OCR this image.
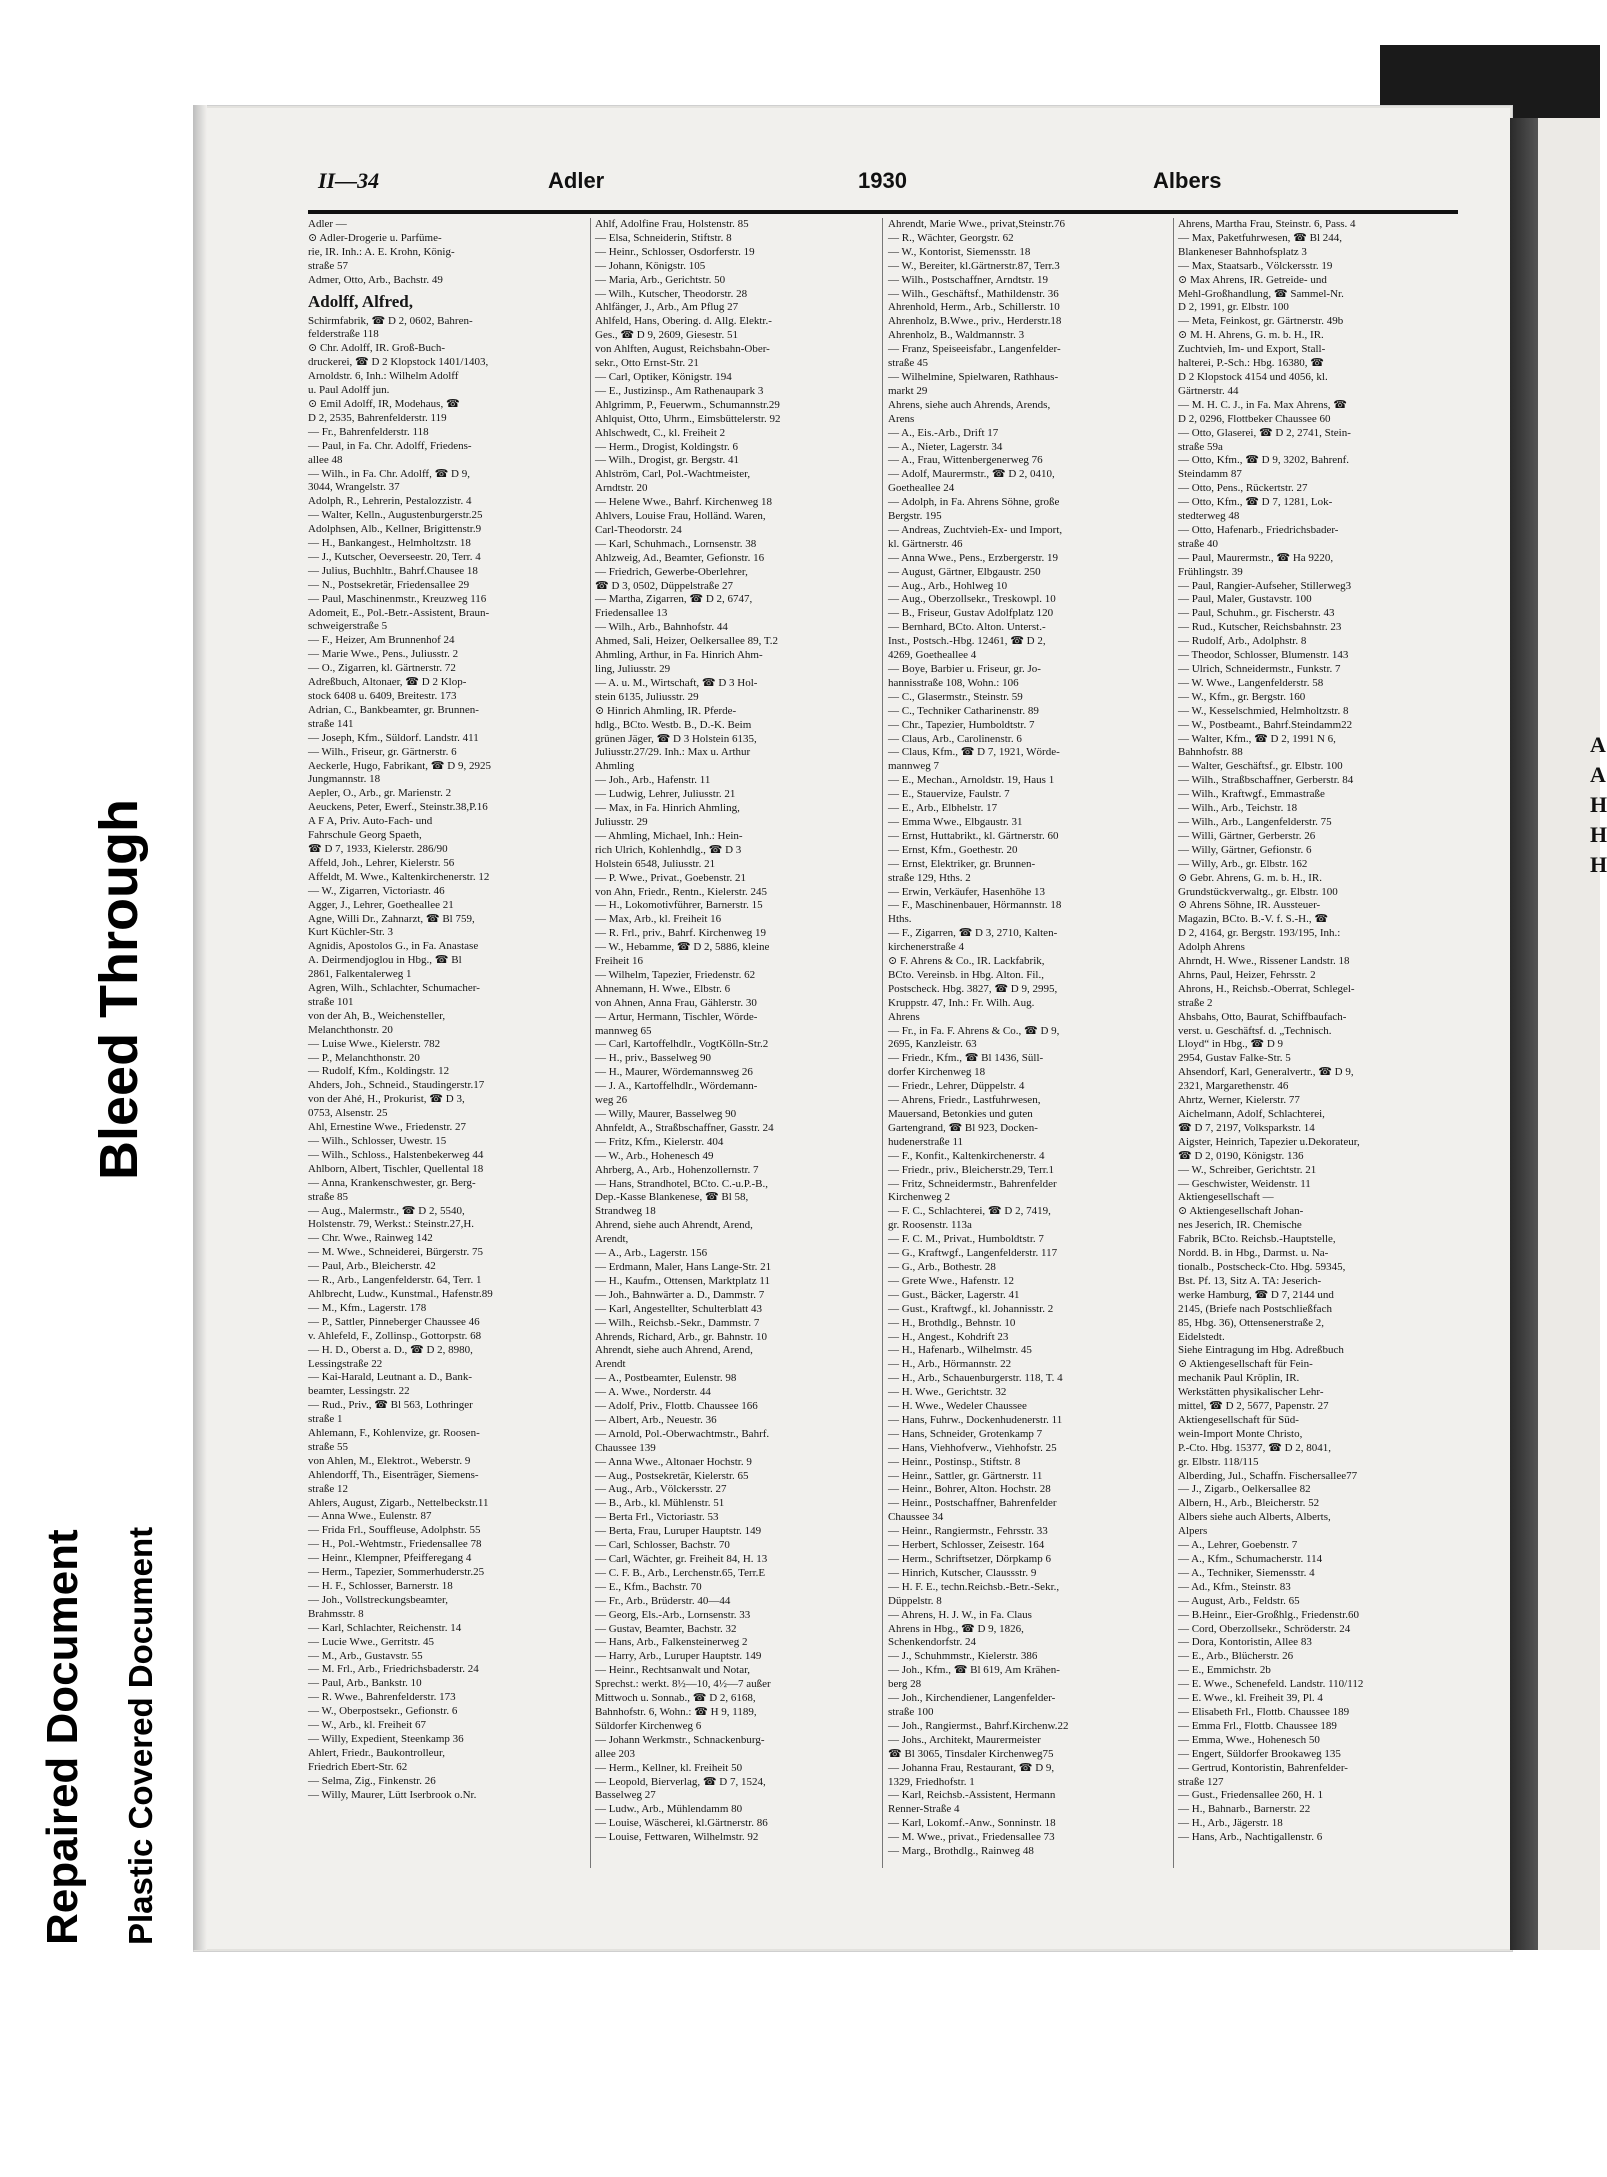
Repaired Document Plastic Covered Document
Bleed Through
A
A
H
H
H
II—34	Adler	1930	Albers

Adler —

⊙ Adler-Drogerie u. Parfüme-

rie, IR. Inh.: A. E. Krohn, König-

straße 57

Admer, Otto, Arb., Bachstr. 49

Adolff, Alfred,

Schirmfabrik, ☎ D 2, 0602, Bahren-

felderstraße 118

⊙ Chr. Adolff, IR. Groß-Buch-

druckerei, ☎ D 2 Klopstock 1401/1403,

Arnoldstr. 6, Inh.: Wilhelm Adolff

u. Paul Adolff jun.

⊙ Emil Adolff, IR, Modehaus, ☎

D 2, 2535, Bahrenfelderstr. 119

— Fr., Bahrenfelderstr. 118

— Paul, in Fa. Chr. Adolff, Friedens-

allee 48

— Wilh., in Fa. Chr. Adolff, ☎ D 9,

3044, Wrangelstr. 37

Adolph, R., Lehrerin, Pestalozzistr. 4

— Walter, Kelln., Augustenburgerstr.25

Adolphsen, Alb., Kellner, Brigittenstr.9

— H., Bankangest., Helmholtzstr. 18

— J., Kutscher, Oeverseestr. 20, Terr. 4

— Julius, Buchhltr., Bahrf.Chausee 18

— N., Postsekretär, Friedensallee 29

— Paul, Maschinenmstr., Kreuzweg 116

Adomeit, E., Pol.-Betr.-Assistent, Braun-

schweigerstraße 5

— F., Heizer, Am Brunnenhof 24

— Marie Wwe., Pens., Juliusstr. 2

— O., Zigarren, kl. Gärtnerstr. 72

Adreßbuch, Altonaer, ☎ D 2 Klop-

stock 6408 u. 6409, Breitestr. 173

Adrian, C., Bankbeamter, gr. Brunnen-

straße 141

— Joseph, Kfm., Süldorf. Landstr. 411

— Wilh., Friseur, gr. Gärtnerstr. 6

Aeckerle, Hugo, Fabrikant, ☎ D 9, 2925

Jungmannstr. 18

Aepler, O., Arb., gr. Marienstr. 2

Aeuckens, Peter, Ewerf., Steinstr.38,P.16

A F A, Priv. Auto-Fach- und

Fahrschule Georg Spaeth,

☎ D 7, 1933, Kielerstr. 286/90

Affeld, Joh., Lehrer, Kielerstr. 56

Affeldt, M. Wwe., Kaltenkirchenerstr. 12

— W., Zigarren, Victoriastr. 46

Agger, J., Lehrer, Goetheallee 21

Agne, Willi Dr., Zahnarzt, ☎ Bl 759,

Kurt Küchler-Str. 3

Agnidis, Apostolos G., in Fa. Anastase

A. Deirmendjoglou in Hbg., ☎ Bl

2861, Falkentalerweg 1

Agren, Wilh., Schlachter, Schumacher-

straße 101

von der Ah, B., Weichensteller,

Melanchthonstr. 20

— Luise Wwe., Kielerstr. 782

— P., Melanchthonstr. 20

— Rudolf, Kfm., Koldingstr. 12

Ahders, Joh., Schneid., Staudingerstr.17

von der Ahé, H., Prokurist, ☎ D 3,

0753, Alsenstr. 25

Ahl, Ernestine Wwe., Friedenstr. 27

— Wilh., Schlosser, Uwestr. 15

— Wilh., Schloss., Halstenbekerweg 44

Ahlborn, Albert, Tischler, Quellental 18

— Anna, Krankenschwester, gr. Berg-

straße 85

— Aug., Malermstr., ☎ D 2, 5540,

Holstenstr. 79, Werkst.: Steinstr.27,H.

— Chr. Wwe., Rainweg 142

— M. Wwe., Schneiderei, Bürgerstr. 75

— Paul, Arb., Bleicherstr. 42

— R., Arb., Langenfelderstr. 64, Terr. 1

Ahlbrecht, Ludw., Kunstmal., Hafenstr.89

— M., Kfm., Lagerstr. 178

— P., Sattler, Pinneberger Chaussee 46

v. Ahlefeld, F., Zollinsp., Gottorpstr. 68

— H. D., Oberst a. D., ☎ D 2, 8980,

Lessingstraße 22

— Kai-Harald, Leutnant a. D., Bank-

beamter, Lessingstr. 22

— Rud., Priv., ☎ Bl 563, Lothringer

straße 1

Ahlemann, F., Kohlenvize, gr. Roosen-

straße 55

von Ahlen, M., Elektrot., Weberstr. 9

Ahlendorff, Th., Eisenträger, Siemens-

straße 12

Ahlers, August, Zigarb., Nettelbeckstr.11

— Anna Wwe., Eulenstr. 87

— Frida Frl., Souffleuse, Adolphstr. 55

— H., Pol.-Wehtmstr., Friedensallee 78

— Heinr., Klempner, Pfeifferegang 4

— Herm., Tapezier, Sommerhuderstr.25

— H. F., Schlosser, Barnerstr. 18

— Joh., Vollstreckungsbeamter,

Brahmsstr. 8

— Karl, Schlachter, Reichenstr. 14

— Lucie Wwe., Gerritstr. 45

— M., Arb., Gustavstr. 55

— M. Frl., Arb., Friedrichsbaderstr. 24

— Paul, Arb., Bankstr. 10

— R. Wwe., Bahrenfelderstr. 173

— W., Oberpostsekr., Gefionstr. 6

— W., Arb., kl. Freiheit 67

— Willy, Expedient, Steenkamp 36

Ahlert, Friedr., Baukontrolleur,

Friedrich Ebert-Str. 62

— Selma, Zig., Finkenstr. 26

— Willy, Maurer, Lütt Iserbrook o.Nr.

Ahlf, Adolfine Frau, Holstenstr. 85

— Elsa, Schneiderin, Stiftstr. 8

— Heinr., Schlosser, Osdorferstr. 19

— Johann, Königstr. 105

— Maria, Arb., Gerichtstr. 50

— Wilh., Kutscher, Theodorstr. 28

Ahlfänger, J., Arb., Am Pflug 27

Ahlfeld, Hans, Obering. d. Allg. Elektr.-

Ges., ☎ D 9, 2609, Giesestr. 51

von Ahlften, August, Reichsbahn-Ober-

sekr., Otto Ernst-Str. 21

— Carl, Optiker, Königstr. 194

— E., Justizinsp., Am Rathenaupark 3

Ahlgrimm, P., Feuerwm., Schumannstr.29

Ahlquist, Otto, Uhrm., Eimsbüttelerstr. 92

Ahlschwedt, C., kl. Freiheit 2

— Herm., Drogist, Koldingstr. 6

— Wilh., Drogist, gr. Bergstr. 41

Ahlström, Carl, Pol.-Wachtmeister,

Arndtstr. 20

— Helene Wwe., Bahrf. Kirchenweg 18

Ahlvers, Louise Frau, Holländ. Waren,

Carl-Theodorstr. 24

— Karl, Schuhmach., Lornsenstr. 38

Ahlzweig, Ad., Beamter, Gefionstr. 16

— Friedrich, Gewerbe-Oberlehrer,

☎ D 3, 0502, Düppelstraße 27

— Martha, Zigarren, ☎ D 2, 6747,

Friedensallee 13

— Wilh., Arb., Bahnhofstr. 44

Ahmed, Sali, Heizer, Oelkersallee 89, T.2

Ahmling, Arthur, in Fa. Hinrich Ahm-

ling, Juliusstr. 29

— A. u. M., Wirtschaft, ☎ D 3 Hol-

stein 6135, Juliusstr. 29

⊙ Hinrich Ahmling, IR. Pferde-

hdlg., BCto. Westb. B., D.-K. Beim

grünen Jäger, ☎ D 3 Holstein 6135,

Juliusstr.27/29. Inh.: Max u. Arthur

Ahmling

— Joh., Arb., Hafenstr. 11

— Ludwig, Lehrer, Juliusstr. 21

— Max, in Fa. Hinrich Ahmling,

Juliusstr. 29

— Ahmling, Michael, Inh.: Hein-

rich Ulrich, Kohlenhdlg., ☎ D 3

Holstein 6548, Juliusstr. 21

— P. Wwe., Privat., Goebenstr. 21

von Ahn, Friedr., Rentn., Kielerstr. 245

— H., Lokomotivführer, Barnerstr. 15

— Max, Arb., kl. Freiheit 16

— R. Frl., priv., Bahrf. Kirchenweg 19

— W., Hebamme, ☎ D 2, 5886, kleine

Freiheit 16

— Wilhelm, Tapezier, Friedenstr. 62

Ahnemann, H. Wwe., Elbstr. 6

von Ahnen, Anna Frau, Gählerstr. 30

— Artur, Hermann, Tischler, Wörde-

mannweg 65

— Carl, Kartoffelhdlr., VogtKölln-Str.2

— H., priv., Basselweg 90

— H., Maurer, Wördemannsweg 26

— J. A., Kartoffelhdlr., Wördemann-

weg 26

— Willy, Maurer, Basselweg 90

Ahnfeldt, A., Straßbschaffner, Gasstr. 24

— Fritz, Kfm., Kielerstr. 404

— W., Arb., Hohenesch 49

Ahrberg, A., Arb., Hohenzollernstr. 7

— Hans, Strandhotel, BCto. C.-u.P.-B.,

Dep.-Kasse Blankenese, ☎ Bl 58,

Strandweg 18

Ahrend, siehe auch Ahrendt, Arend,

Arendt,

— A., Arb., Lagerstr. 156

— Erdmann, Maler, Hans Lange-Str. 21

— H., Kaufm., Ottensen, Marktplatz 11

— Joh., Bahnwärter a. D., Dammstr. 7

— Karl, Angestellter, Schulterblatt 43

— Wilh., Reichsb.-Sekr., Dammstr. 7

Ahrends, Richard, Arb., gr. Bahnstr. 10

Ahrendt, siehe auch Ahrend, Arend,

Arendt

— A., Postbeamter, Eulenstr. 98

— A. Wwe., Norderstr. 44

— Adolf, Priv., Flottb. Chaussee 166

— Albert, Arb., Neuestr. 36

— Arnold, Pol.-Oberwachtmstr., Bahrf.

Chaussee 139

— Anna Wwe., Altonaer Hochstr. 9

— Aug., Postsekretär, Kielerstr. 65

— Aug., Arb., Völckersstr. 27

— B., Arb., kl. Mühlenstr. 51

— Berta Frl., Victoriastr. 53

— Berta, Frau, Luruper Hauptstr. 149

— Carl, Schlosser, Bachstr. 70

— Carl, Wächter, gr. Freiheit 84, H. 13

— C. F. B., Arb., Lerchenstr.65, Terr.E

— E., Kfm., Bachstr. 70

— Fr., Arb., Brüderstr. 40—44

— Georg, Els.-Arb., Lornsenstr. 33

— Gustav, Beamter, Bachstr. 32

— Hans, Arb., Falkensteinerweg 2

— Harry, Arb., Luruper Hauptstr. 149

— Heinr., Rechtsanwalt und Notar,

Sprechst.: werkt. 8½—10, 4½—7 außer

Mittwoch u. Sonnab., ☎ D 2, 6168,

Bahnhofstr. 6, Wohn.: ☎ H 9, 1189,

Süldorfer Kirchenweg 6

— Johann Werkmstr., Schnackenburg-

allee 203

— Herm., Kellner, kl. Freiheit 50

— Leopold, Bierverlag, ☎ D 7, 1524,

Basselweg 27

— Ludw., Arb., Mühlendamm 80

— Louise, Wäscherei, kl.Gärtnerstr. 86

— Louise, Fettwaren, Wilhelmstr. 92

Ahrendt, Marie Wwe., privat,Steinstr.76

— R., Wächter, Georgstr. 62

— W., Kontorist, Siemensstr. 18

— W., Bereiter, kl.Gärtnerstr.87, Terr.3

— Wilh., Postschaffner, Arndtstr. 19

— Wilh., Geschäftsf., Mathildenstr. 36

Ahrenhold, Herm., Arb., Schillerstr. 10

Ahrenholz, B.Wwe., priv., Herderstr.18

Ahrenholz, B., Waldmannstr. 3

— Franz, Speiseeisfabr., Langenfelder-

straße 45

— Wilhelmine, Spielwaren, Rathhaus-

markt 29

Ahrens, siehe auch Ahrends, Arends,

Arens

— A., Eis.-Arb., Drift 17

— A., Nieter, Lagerstr. 34

— A., Frau, Wittenbergenerweg 76

— Adolf, Maurermstr., ☎ D 2, 0410,

Goetheallee 24

— Adolph, in Fa. Ahrens Söhne, große

Bergstr. 195

— Andreas, Zuchtvieh-Ex- und Import,

kl. Gärtnerstr. 46

— Anna Wwe., Pens., Erzbergerstr. 19

— August, Gärtner, Elbgaustr. 250

— Aug., Arb., Hohlweg 10

— Aug., Oberzollsekr., Treskowpl. 10

— B., Friseur, Gustav Adolfplatz 120

— Bernhard, BCto. Alton. Unterst.-

Inst., Postsch.-Hbg. 12461, ☎ D 2,

4269, Goetheallee 4

— Boye, Barbier u. Friseur, gr. Jo-

hannisstraße 108, Wohn.: 106

— C., Glasermstr., Steinstr. 59

— C., Techniker Catharinenstr. 89

— Chr., Tapezier, Humboldtstr. 7

— Claus, Arb., Carolinenstr. 6

— Claus, Kfm., ☎ D 7, 1921, Wörde-

mannweg 7

— E., Mechan., Arnoldstr. 19, Haus 1

— E., Stauervize, Faulstr. 7

— E., Arb., Elbhelstr. 17

— Emma Wwe., Elbgaustr. 31

— Ernst, Huttabrikt., kl. Gärtnerstr. 60

— Ernst, Kfm., Goethestr. 20

— Ernst, Elektriker, gr. Brunnen-

straße 129, Hths. 2

— Erwin, Verkäufer, Hasenhöhe 13

— F., Maschinenbauer, Hörmannstr. 18

Hths.

— F., Zigarren, ☎ D 3, 2710, Kalten-

kirchenerstraße 4

⊙ F. Ahrens & Co., IR. Lackfabrik,

BCto. Vereinsb. in Hbg. Alton. Fil.,

Postscheck. Hbg. 3827, ☎ D 9, 2995,

Kruppstr. 47, Inh.: Fr. Wilh. Aug.

Ahrens

— Fr., in Fa. F. Ahrens & Co., ☎ D 9,

2695, Kanzleistr. 63

— Friedr., Kfm., ☎ Bl 1436, Süll-

dorfer Kirchenweg 18

— Friedr., Lehrer, Düppelstr. 4

— Ahrens, Friedr., Lastfuhrwesen,

Mauersand, Betonkies und guten

Gartengrand, ☎ Bl 923, Docken-

hudenerstraße 11

— F., Konfit., Kaltenkirchenerstr. 4

— Friedr., priv., Bleicherstr.29, Terr.1

— Fritz, Schneidermstr., Bahrenfelder

Kirchenweg 2

— F. C., Schlachterei, ☎ D 2, 7419,

gr. Roosenstr. 113a

— F. C. M., Privat., Humboldtstr. 7

— G., Kraftwgf., Langenfelderstr. 117

— G., Arb., Bothestr. 28

— Grete Wwe., Hafenstr. 12

— Gust., Bäcker, Lagerstr. 41

— Gust., Kraftwgf., kl. Johannisstr. 2

— H., Brothdlg., Behnstr. 10

— H., Angest., Kohdrift 23

— H., Hafenarb., Wilhelmstr. 45

— H., Arb., Hörmannstr. 22

— H., Arb., Schauenburgerstr. 118, T. 4

— H. Wwe., Gerichtstr. 32

— H. Wwe., Wedeler Chaussee

— Hans, Fuhrw., Dockenhudenerstr. 11

— Hans, Schneider, Grotenkamp 7

— Hans, Viehhofverw., Viehhofstr. 25

— Heinr., Postinsp., Stiftstr. 8

— Heinr., Sattler, gr. Gärtnerstr. 11

— Heinr., Bohrer, Alton. Hochstr. 28

— Heinr., Postschaffner, Bahrenfelder

Chaussee 34

— Heinr., Rangiermstr., Fehrsstr. 33

— Herbert, Schlosser, Zeisestr. 164

— Herm., Schriftsetzer, Dörpkamp 6

— Hinrich, Kutscher, Claussstr. 9

— H. F. E., techn.Reichsb.-Betr.-Sekr.,

Düppelstr. 8

— Ahrens, H. J. W., in Fa. Claus

Ahrens in Hbg., ☎ D 9, 1826,

Schenkendorfstr. 24

— J., Schuhmmstr., Kielerstr. 386

— Joh., Kfm., ☎ Bl 619, Am Krähen-

berg 28

— Joh., Kirchendiener, Langenfelder-

straße 100

— Joh., Rangiermst., Bahrf.Kirchenw.22

— Johs., Architekt, Maurermeister

☎ Bl 3065, Tinsdaler Kirchenweg75

— Johanna Frau, Restaurant, ☎ D 9,

1329, Friedhofstr. 1

— Karl, Reichsb.-Assistent, Hermann

Renner-Straße 4

— Karl, Lokomf.-Anw., Sonninstr. 18

— M. Wwe., privat., Friedensallee 73

— Marg., Brothdlg., Rainweg 48

Ahrens, Martha Frau, Steinstr. 6, Pass. 4

— Max, Paketfuhrwesen, ☎ Bl 244,

Blankeneser Bahnhofsplatz 3

— Max, Staatsarb., Völckersstr. 19

⊙ Max Ahrens, IR. Getreide- und

Mehl-Großhandlung, ☎ Sammel-Nr.

D 2, 1991, gr. Elbstr. 100

— Meta, Feinkost, gr. Gärtnerstr. 49b

⊙ M. H. Ahrens, G. m. b. H., IR.

Zuchtvieh, Im- und Export, Stall-

halterei, P.-Sch.: Hbg. 16380, ☎

D 2 Klopstock 4154 und 4056, kl.

Gärtnerstr. 44

— M. H. C. J., in Fa. Max Ahrens, ☎

D 2, 0296, Flottbeker Chaussee 60

— Otto, Glaserei, ☎ D 2, 2741, Stein-

straße 59a

— Otto, Kfm., ☎ D 9, 3202, Bahrenf.

Steindamm 87

— Otto, Pens., Rückertstr. 27

— Otto, Kfm., ☎ D 7, 1281, Lok-

stedterweg 48

— Otto, Hafenarb., Friedrichsbader-

straße 40

— Paul, Maurermstr., ☎ Ha 9220,

Frühlingstr. 39

— Paul, Rangier-Aufseher, Stillerweg3

— Paul, Maler, Gustavstr. 100

— Paul, Schuhm., gr. Fischerstr. 43

— Rud., Kutscher, Reichsbahnstr. 23

— Rudolf, Arb., Adolphstr. 8

— Theodor, Schlosser, Blumenstr. 143

— Ulrich, Schneidermstr., Funkstr. 7

— W. Wwe., Langenfelderstr. 58

— W., Kfm., gr. Bergstr. 160

— W., Kesselschmied, Helmholtzstr. 8

— W., Postbeamt., Bahrf.Steindamm22

— Walter, Kfm., ☎ D 2, 1991 N 6,

Bahnhofstr. 88

— Walter, Geschäftsf., gr. Elbstr. 100

— Wilh., Straßbschaffner, Gerberstr. 84

— Wilh., Kraftwgf., Emmastraße

— Wilh., Arb., Teichstr. 18

— Wilh., Arb., Langenfelderstr. 75

— Willi, Gärtner, Gerberstr. 26

— Willy, Gärtner, Gefionstr. 6

— Willy, Arb., gr. Elbstr. 162

⊙ Gebr. Ahrens, G. m. b. H., IR.

Grundstückverwaltg., gr. Elbstr. 100

⊙ Ahrens Söhne, IR. Aussteuer-

Magazin, BCto. B.-V. f. S.-H., ☎

D 2, 4164, gr. Bergstr. 193/195, Inh.:

Adolph Ahrens

Ahrndt, H. Wwe., Rissener Landstr. 18

Ahrns, Paul, Heizer, Fehrsstr. 2

Ahrons, H., Reichsb.-Oberrat, Schlegel-

straße 2

Ahsbahs, Otto, Baurat, Schiffbaufach-

verst. u. Geschäftsf. d. „Technisch.

Lloyd“ in Hbg., ☎ D 9

2954, Gustav Falke-Str. 5

Ahsendorf, Karl, Generalvertr., ☎ D 9,

2321, Margarethenstr. 46

Ahrtz, Werner, Kielerstr. 77

Aichelmann, Adolf, Schlachterei,

☎ D 7, 2197, Volksparkstr. 14

Aigster, Heinrich, Tapezier u.Dekorateur,

☎ D 2, 0190, Königstr. 136

— W., Schreiber, Gerichtstr. 21

— Geschwister, Weidenstr. 11

Aktiengesellschaft —

⊙ Aktiengesellschaft Johan-

nes Jeserich, IR. Chemische

Fabrik, BCto. Reichsb.-Hauptstelle,

Nordd. B. in Hbg., Darmst. u. Na-

tionalb., Postscheck-Cto. Hbg. 59345,

Bst. Pf. 13, Sitz A. TA: Jeserich-

werke Hamburg, ☎ D 7, 2144 und

2145, (Briefe nach Postschließfach

85, Hbg. 36), Ottensenerstraße 2,

Eidelstedt.

Siehe Eintragung im Hbg. Adreßbuch

⊙ Aktiengesellschaft für Fein-

mechanik Paul Kröplin, IR.

Werkstätten physikalischer Lehr-

mittel, ☎ D 2, 5677, Papenstr. 27

Aktiengesellschaft für Süd-

wein-Import Monte Christo,

P.-Cto. Hbg. 15377, ☎ D 2, 8041,

gr. Elbstr. 118/115

Alberding, Jul., Schaffn. Fischersallee77

— J., Zigarb., Oelkersallee 82

Albern, H., Arb., Bleicherstr. 52

Albers siehe auch Alberts, Alberts,

Alpers

— A., Lehrer, Goebenstr. 7

— A., Kfm., Schumacherstr. 114

— A., Techniker, Siemensstr. 4

— Ad., Kfm., Steinstr. 83

— August, Arb., Feldstr. 65

— B.Heinr., Eier-Großhlg., Friedenstr.60

— Cord, Oberzollsekr., Schröderstr. 24

— Dora, Kontoristin, Allee 83

— E., Arb., Blücherstr. 26

— E., Emmichstr. 2b

— E. Wwe., Schenefeld. Landstr. 110/112

— E. Wwe., kl. Freiheit 39, Pl. 4

— Elisabeth Frl., Flottb. Chaussee 189

— Emma Frl., Flottb. Chaussee 189

— Emma, Wwe., Hohenesch 50

— Engert, Süldorfer Brookaweg 135

— Gertrud, Kontoristin, Bahrenfelder-

straße 127

— Gust., Friedensallee 260, H. 1

— H., Bahnarb., Barnerstr. 22

— H., Arb., Jägerstr. 18

— Hans, Arb., Nachtigallenstr. 6
